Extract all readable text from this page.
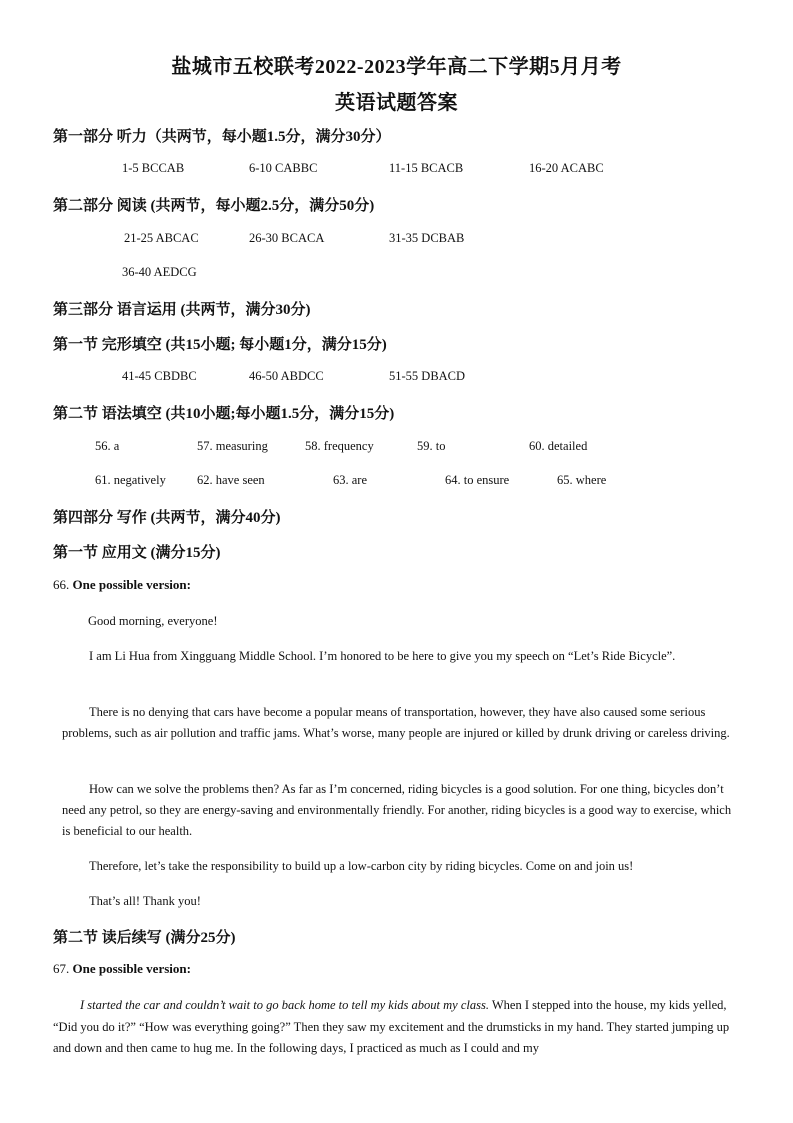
盐城市五校联考2022-2023学年高二下学期5月月考
英语试题答案
第一部分 听力（共两节，每小题1.5分，满分30分）
1-5 BCCAB	6-10 CABBC	11-15 BCACB	16-20 ACABC
第二部分 阅读 (共两节，每小题2.5分，满分50分)
21-25 ABCAC	26-30 BCACA	31-35 DCBAB
36-40 AEDCG
第三部分 语言运用 (共两节，满分30分)
第一节 完形填空 (共15小题; 每小题1分，满分15分)
41-45 CBDBC	46-50 ABDCC	51-55 DBACD
第二节 语法填空 (共10小题;每小题1.5分，满分15分)
56. a	57. measuring	58. frequency	59. to	60. detailed
61. negatively 62. have seen	63. are	64. to ensure	65. where
第四部分 写作 (共两节，满分40分)
第一节 应用文 (满分15分)
66. One possible version:
Good morning, everyone!
I am Li Hua from Xingguang Middle School. I’m honored to be here to give you my speech on “Let’s Ride Bicycle”.
There is no denying that cars have become a popular means of transportation, however, they have also caused some serious problems, such as air pollution and traffic jams. What’s worse, many people are injured or killed by drunk driving or careless driving.
How can we solve the problems then? As far as I’m concerned, riding bicycles is a good solution. For one thing, bicycles don’t need any petrol, so they are energy-saving and environmentally friendly. For another, riding bicycles is a good way to exercise, which is beneficial to our health.
Therefore, let’s take the responsibility to build up a low-carbon city by riding bicycles. Come on and join us!
That’s all! Thank you!
第二节 读后续写 (满分25分)
67. One possible version:
I started the car and couldn’t wait to go back home to tell my kids about my class. When I stepped into the house, my kids yelled, “Did you do it?” “How was everything going?” Then they saw my excitement and the drumsticks in my hand. They started jumping up and down and then came to hug me. In the following days, I practiced as much as I could and my
